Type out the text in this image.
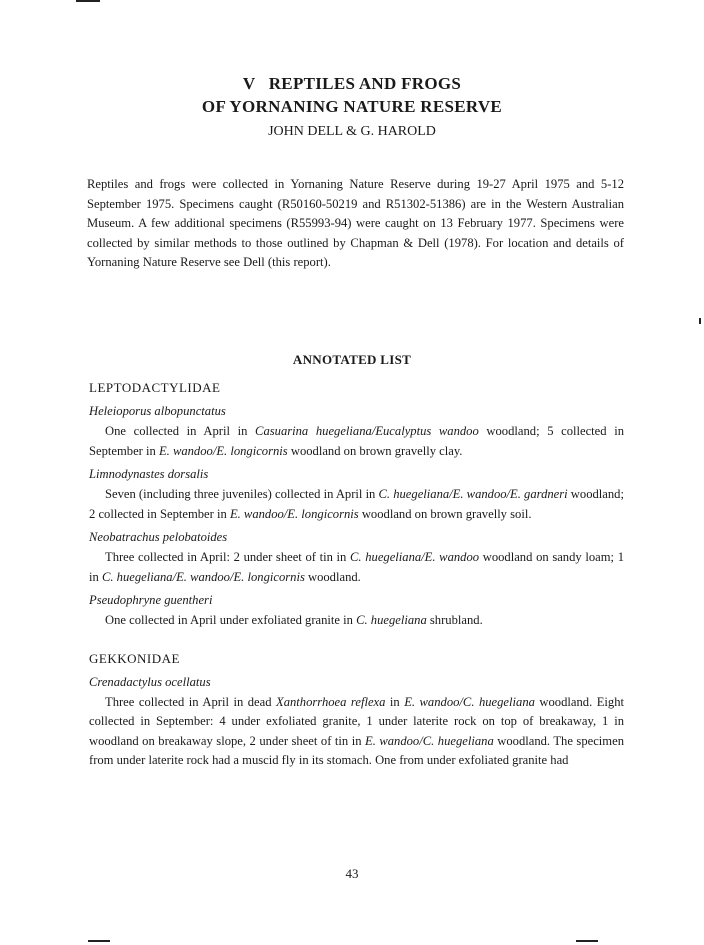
V   REPTILES AND FROGS
OF YORNANING NATURE RESERVE
JOHN DELL & G. HAROLD

Reptiles and frogs were collected in Yornaning Nature Reserve during 19-27 April 1975 and 5-12 September 1975. Specimens caught (R50160-50219 and R51302-51386) are in the Western Australian Museum. A few additional specimens (R55993-94) were caught on 13 February 1977. Specimens were collected by similar methods to those outlined by Chapman & Dell (1978). For location and details of Yornaning Nature Reserve see Dell (this report).

ANNOTATED LIST
LEPTODACTYLIDAE
Heleioporus albopunctatus

One collected in April in Casuarina huegeliana/Eucalyptus wandoo woodland; 5 collected in September in E. wandoo/E. longicornis woodland on brown gravelly clay.

Limnodynastes dorsalis

Seven (including three juveniles) collected in April in C. huegeliana/E. wandoo/E. gardneri woodland; 2 collected in September in E. wandoo/E. longicornis woodland on brown gravelly soil.

Neobatrachus pelobatoides

Three collected in April: 2 under sheet of tin in C. huegeliana/E. wandoo woodland on sandy loam; 1 in C. huegeliana/E. wandoo/E. longicornis woodland.

Pseudophryne guentheri

One collected in April under exfoliated granite in C. huegeliana shrubland.

GEKKONIDAE
Crenadactylus ocellatus

Three collected in April in dead Xanthorrhoea reflexa in E. wandoo/C. huegeliana woodland. Eight collected in September: 4 under exfoliated granite, 1 under laterite rock on top of breakaway, 1 in woodland on breakaway slope, 2 under sheet of tin in E. wandoo/C. huegeliana woodland. The specimen from under laterite rock had a muscid fly in its stomach. One from under exfoliated granite had

43
